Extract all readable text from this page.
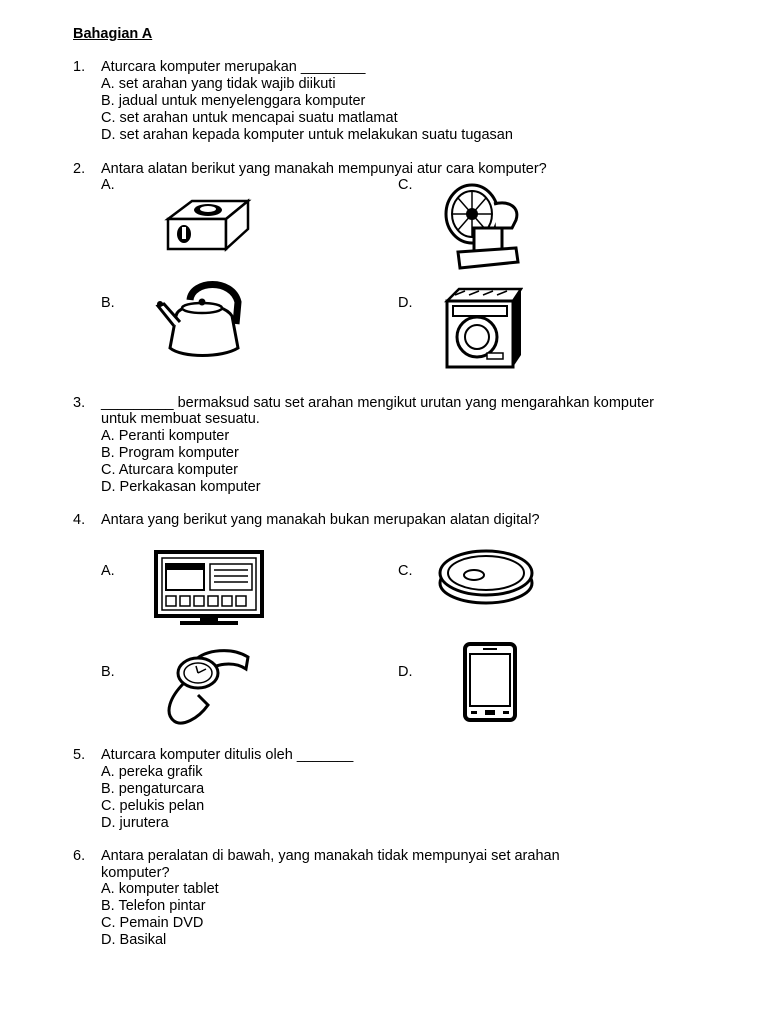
Bahagian A
1. Aturcara komputer merupakan ________
A. set arahan yang tidak wajib diikuti
B. jadual untuk menyelenggara komputer
C. set arahan untuk mencapai suatu matlamat
D. set arahan kepada komputer untuk melakukan suatu tugasan
2. Antara alatan berikut yang manakah mempunyai atur cara komputer?
A.	C.
B.	D.
3. _________ bermaksud satu set arahan mengikut urutan yang mengarahkan komputer
untuk membuat sesuatu.
A. Peranti komputer
B. Program komputer
C. Aturcara komputer
D. Perkakasan komputer
4. Antara yang berikut yang manakah bukan merupakan alatan digital?
A.	C.
B.	D.
5. Aturcara komputer ditulis oleh _______
A. pereka grafik
B. pengaturcara
C. pelukis pelan
D. jurutera
6. Antara peralatan di bawah, yang manakah tidak mempunyai set arahan
komputer?
A. komputer tablet
B. Telefon pintar
C. Pemain DVD
D. Basikal
